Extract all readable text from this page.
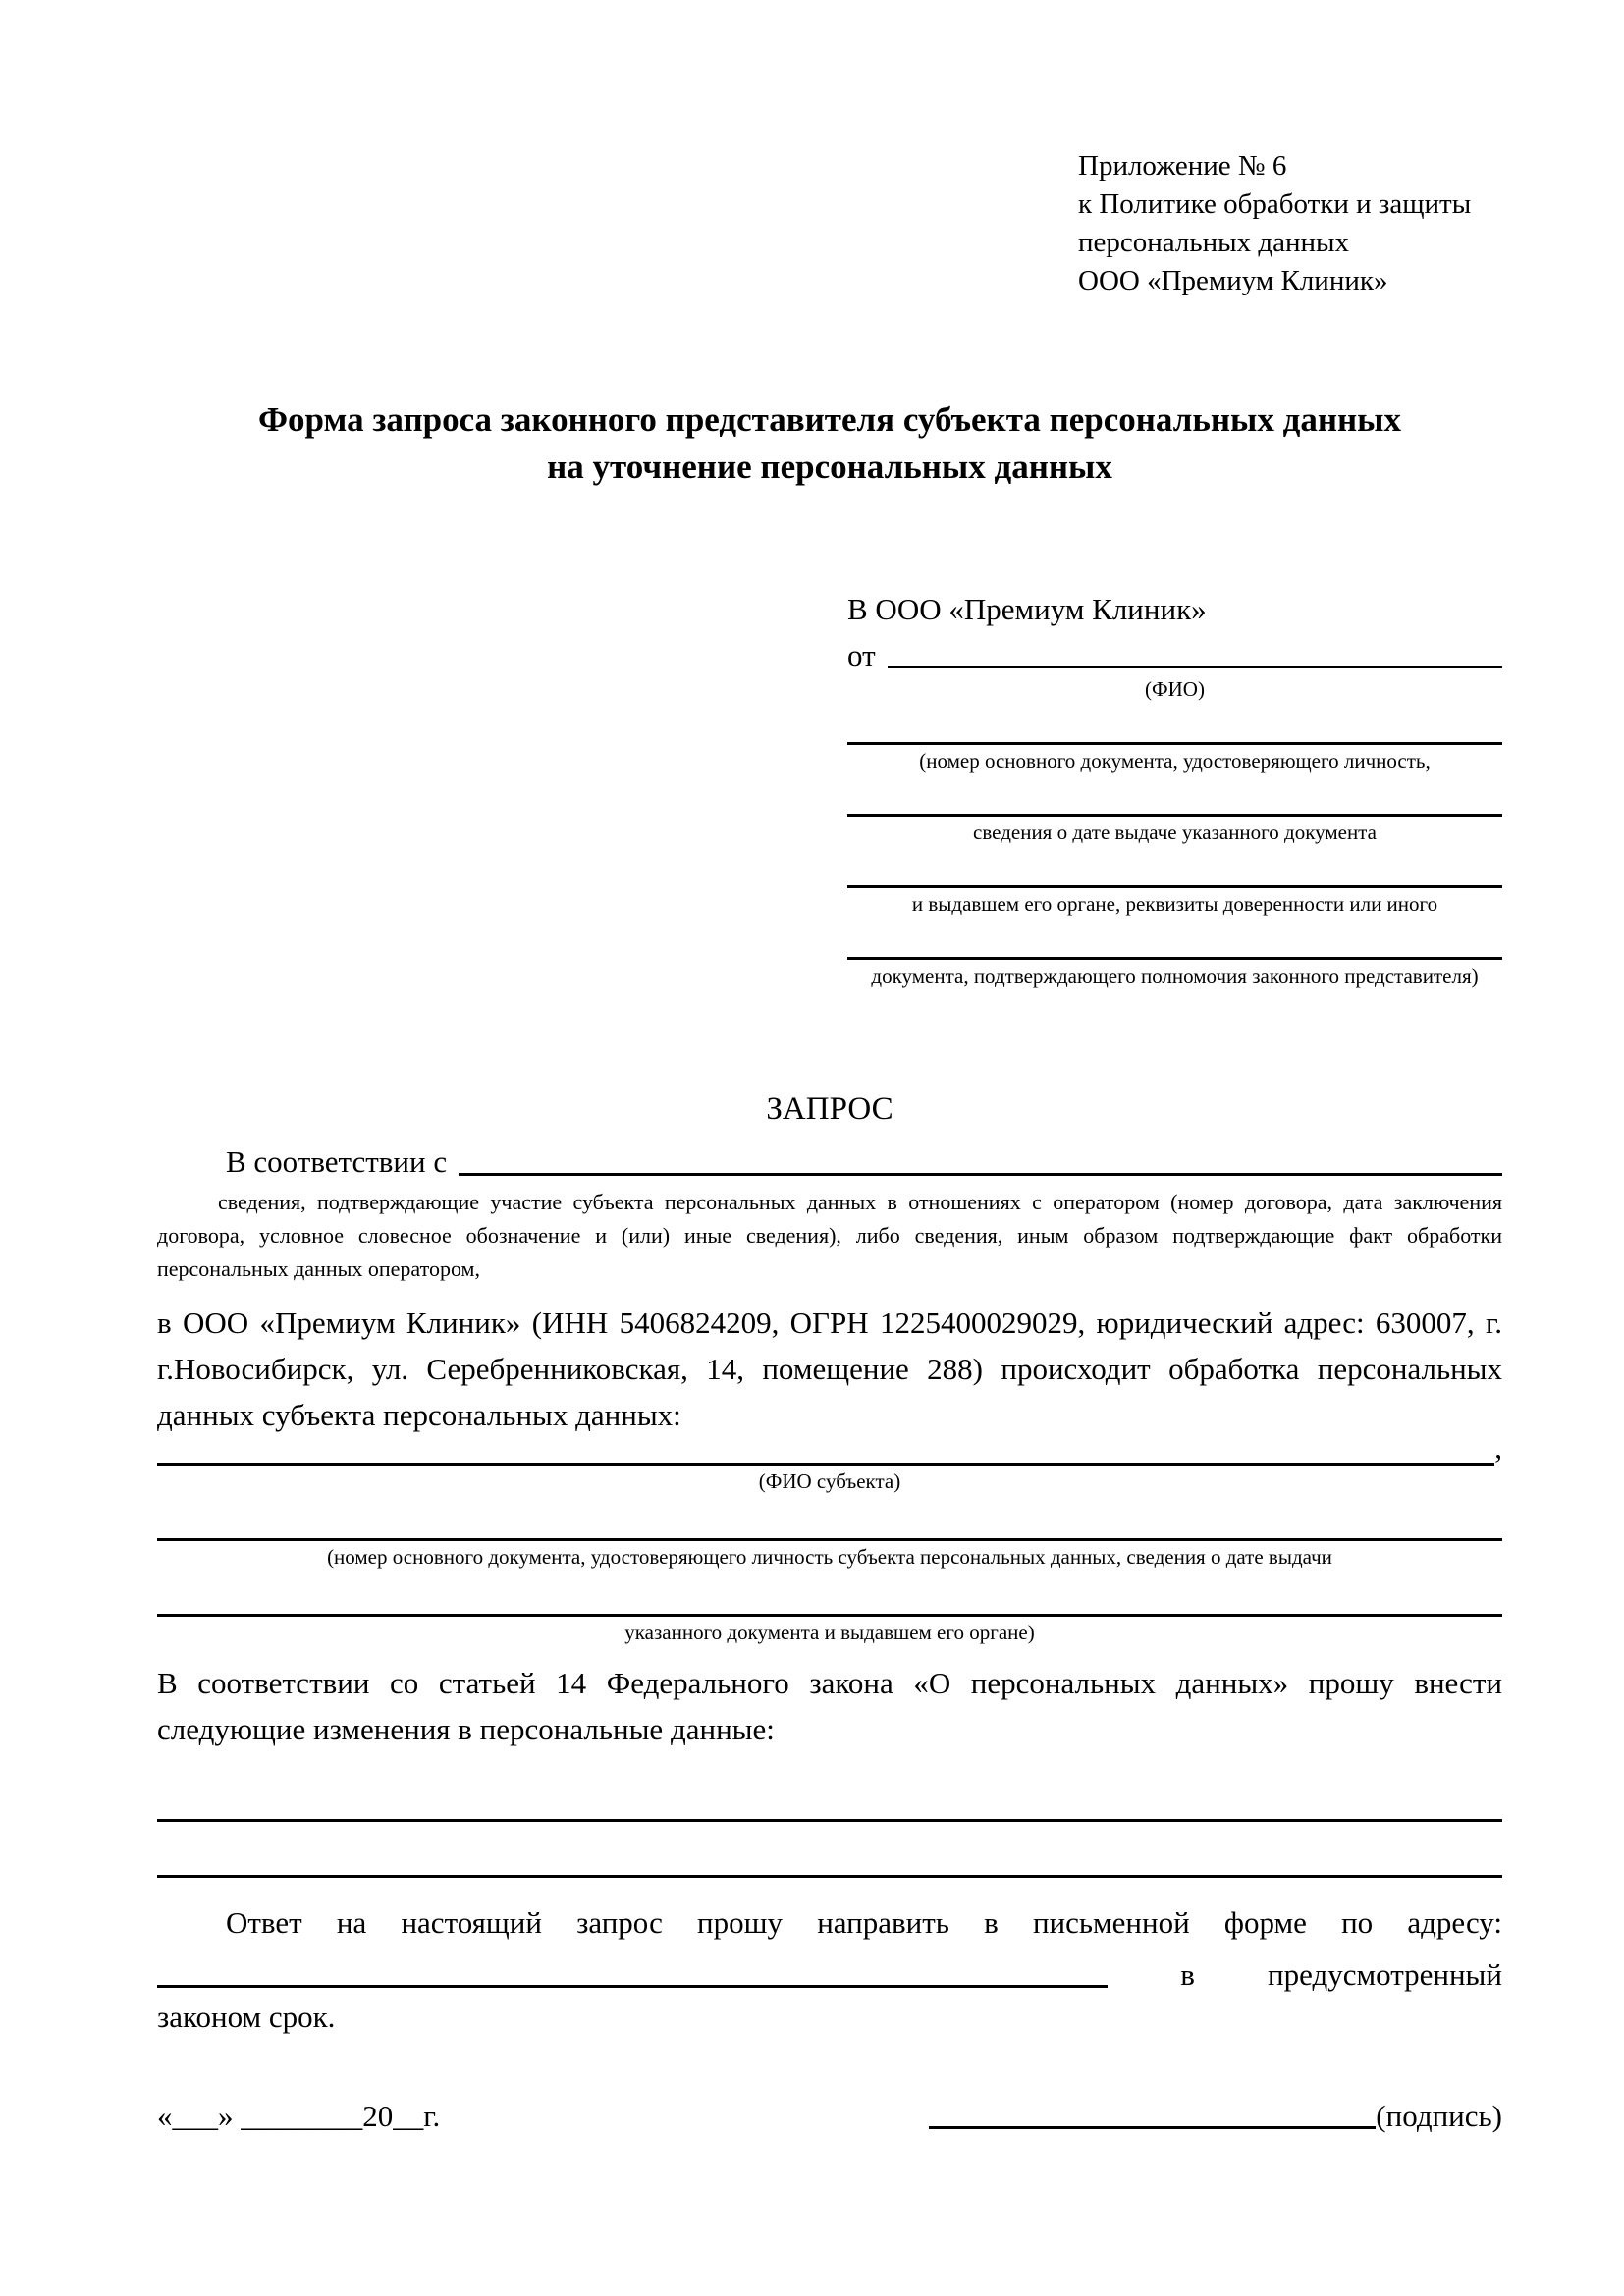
Приложение № 6
к Политике обработки и защиты
персональных данных
ООО «Премиум Клиник»
Форма запроса законного представителя субъекта персональных данных
на уточнение персональных данных
В ООО «Премиум Клиник»
от
(ФИО)
(номер основного документа, удостоверяющего личность,
сведения о дате выдаче указанного документа
и выдавшем его органе, реквизиты доверенности или иного
документа, подтверждающего полномочия законного представителя)
ЗАПРОС
В соответствии с

сведения, подтверждающие участие субъекта персональных данных в отношениях с оператором (номер договора, дата заключения договора, условное словесное обозначение и (или) иные сведения), либо сведения, иным образом подтверждающие факт обработки персональных данных оператором,

в ООО «Премиум Клиник» (ИНН 5406824209, ОГРН 1225400029029, юридический адрес: 630007, г. г.Новосибирск, ул. Серебренниковская, 14, помещение 288) происходит обработка персональных данных субъекта персональных данных:

,
(ФИО субъекта)
(номер основного документа, удостоверяющего личность субъекта персональных данных, сведения о дате выдачи
указанного документа и выдавшем его органе)

В соответствии со статьей 14 Федерального закона «О персональных данных» прошу внести следующие изменения в персональные данные:

Ответ на настоящий запрос прошу направить в письменной форме по адресу:

в предусмотренный
законом срок.
«___» ________20__г.	(подпись)
